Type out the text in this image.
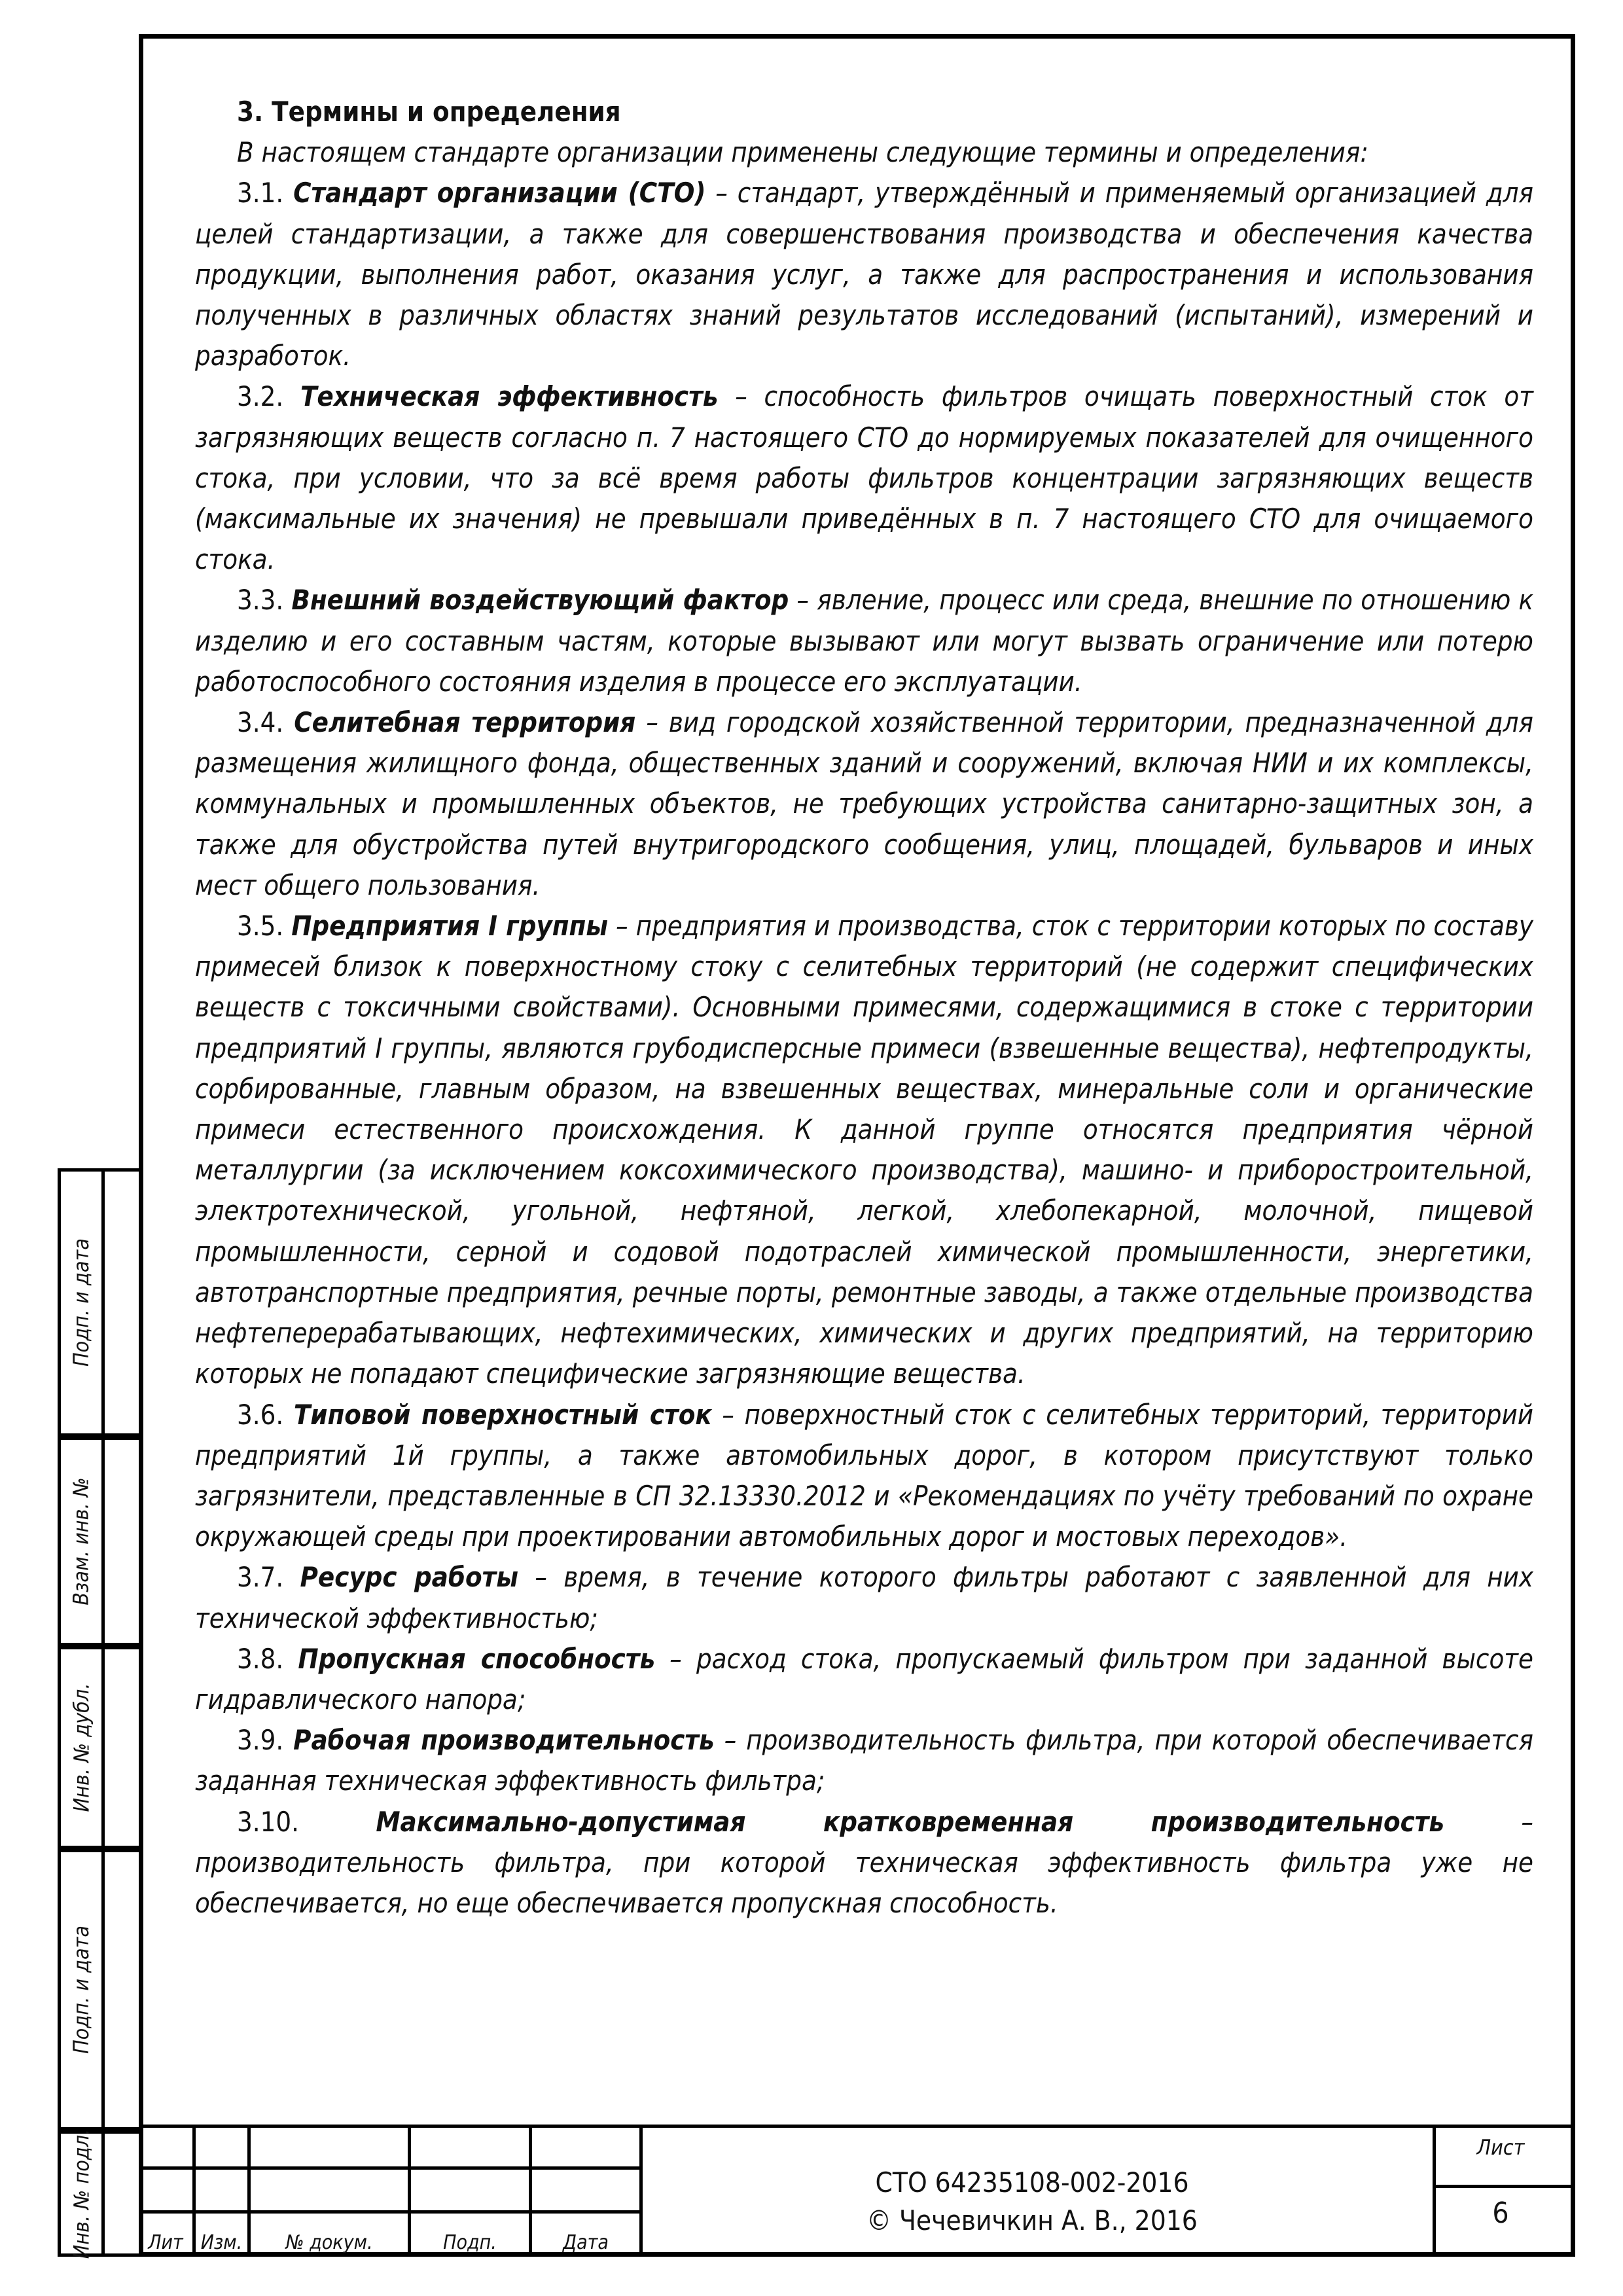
3. Термины и определения

В настоящем стандарте организации применены следующие термины и определения:

3.1. Стандарт организации (СТО) – стандарт, утверждённый и применяемый организацией для целей стандартизации, а также для совершенствования производства и обеспечения качества продукции, выполнения работ, оказания услуг, а также для распространения и использования полученных в различных областях знаний результатов исследований (испытаний), измерений и разработок.

3.2. Техническая эффективность – способность фильтров очищать поверхностный сток от загрязняющих веществ согласно п. 7 настоящего СТО до нормируемых показателей для очищенного стока, при условии, что за всё время работы фильтров концентрации загрязняющих веществ (максимальные их значения) не превышали приведённых в п. 7 настоящего СТО для очищаемого стока.

3.3. Внешний воздействующий фактор – явление, процесс или среда, внешние по отношению к изделию и его составным частям, которые вызывают или могут вызвать ограничение или потерю работоспособного состояния изделия в процессе его эксплуатации.

3.4. Селитебная территория – вид городской хозяйственной территории, предназначенной для размещения жилищного фонда, общественных зданий и сооружений, включая НИИ и их комплексы, коммунальных и промышленных объектов, не требующих устройства санитарно-защитных зон, а также для обустройства путей внутригородского сообщения, улиц, площадей, бульваров и иных мест общего пользования.

3.5. Предприятия I группы – предприятия и производства, сток с территории которых по составу примесей близок к поверхностному стоку с селитебных территорий (не содержит специфических веществ с токсичными свойствами). Основными примесями, содержащимися в стоке с территории предприятий I группы, являются грубодисперсные примеси (взвешенные вещества), нефтепродукты, сорбированные, главным образом, на взвешенных веществах, минеральные соли и органические примеси естественного происхождения. К данной группе относятся предприятия чёрной металлургии (за исключением коксохимического производства), машино- и приборостроительной, электротехнической, угольной, нефтяной, легкой, хлебопекарной, молочной, пищевой промышленности, серной и содовой подотраслей химической промышленности, энергетики, автотранспортные предприятия, речные порты, ремонтные заводы, а также отдельные производства нефтеперерабатывающих, нефтехимических, химических и других предприятий, на территорию которых не попадают специфические загрязняющие вещества.

3.6. Типовой поверхностный сток – поверхностный сток с селитебных территорий, территорий предприятий 1й группы, а также автомобильных дорог, в котором присутствуют только загрязнители, представленные в СП 32.13330.2012 и «Рекомендациях по учёту требований по охране окружающей среды при проектировании автомобильных дорог и мостовых переходов».

3.7. Ресурс работы – время, в течение которого фильтры работают с заявленной для них технической эффективностью;

3.8. Пропускная способность – расход стока, пропускаемый фильтром при заданной высоте гидравлического напора;

3.9. Рабочая производительность – производительность фильтра, при которой обеспечивается заданная техническая эффективность фильтра;

3.10.	Максимально-допустимая кратковременная производительность – производительность фильтра, при которой техническая эффективность фильтра уже не обеспечивается, но еще обеспечивается пропускная способность.

Подп. и дата
Взам. инв. №
Инв. № дубл.
Подп. и дата
Инв. № подл.	Лит Изм.	№ докум.	Подп.	Дата
СТО 64235108-002-2016
© Чечевичкин А. В., 2016
Лист
6
